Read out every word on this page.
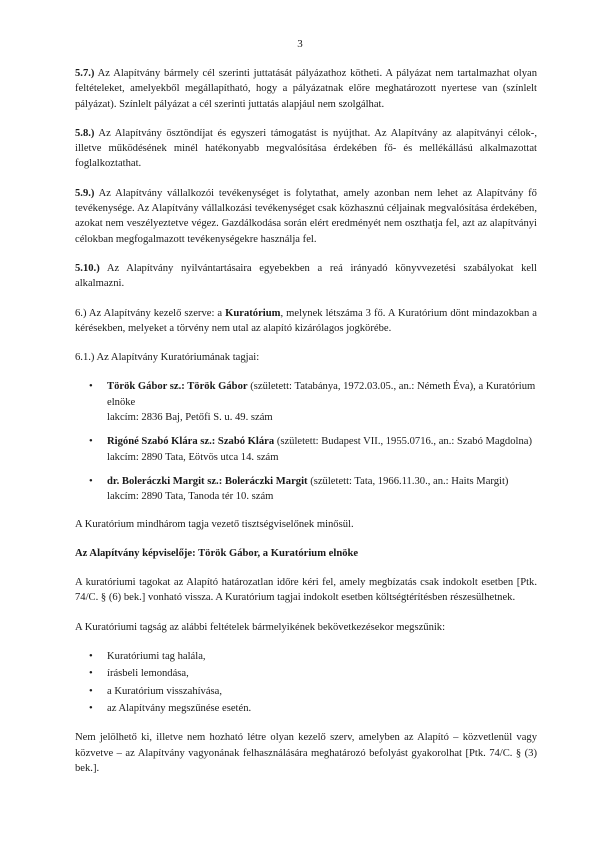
3

5.7.) Az Alapítvány bármely cél szerinti juttatását pályázathoz kötheti. A pályázat nem tartalmazhat olyan feltételeket, amelyekből megállapítható, hogy a pályázatnak előre meghatározott nyertese van (színlelt pályázat). Színlelt pályázat a cél szerinti juttatás alapjául nem szolgálhat.

5.8.) Az Alapítvány ösztöndíjat és egyszeri támogatást is nyújthat. Az Alapítvány az alapítványi célok-, illetve működésének minél hatékonyabb megvalósítása érdekében fő- és mellékállású alkalmazottat foglalkoztathat.

5.9.) Az Alapítvány vállalkozói tevékenységet is folytathat, amely azonban nem lehet az Alapítvány fő tevékenysége. Az Alapítvány vállalkozási tevékenységet csak közhasznú céljainak megvalósítása érdekében, azokat nem veszélyeztetve végez. Gazdálkodása során elért eredményét nem oszthatja fel, azt az alapítványi célokban megfogalmazott tevékenységekre használja fel.

5.10.) Az Alapítvány nyilvántartásaira egyebekben a reá irányadó könyvvezetési szabályokat kell alkalmazni.

6.) Az Alapítvány kezelő szerve: a Kuratórium, melynek létszáma 3 fő. A Kuratórium dönt mindazokban a kérésekben, melyeket a törvény nem utal az alapító kizárólagos jogkörébe.

6.1.) Az Alapítvány Kuratóriumának tagjai:

• Török Gábor sz.: Török Gábor (született: Tatabánya, 1972.03.05., an.: Németh Éva), a Kuratórium elnöke

lakcím: 2836 Baj, Petőfi S. u. 49. szám

• Rigóné Szabó Klára sz.: Szabó Klára (született: Budapest VII., 1955.0716., an.: Szabó Magdolna)

lakcím: 2890 Tata, Eötvös utca 14. szám

• dr. Boleráczki Margit sz.: Boleráczki Margit (született: Tata, 1966.11.30., an.: Haits Margit)

lakcím: 2890 Tata, Tanoda tér 10. szám

A Kuratórium mindhárom tagja vezető tisztségviselőnek minősül.

Az Alapítvány képviselője: Török Gábor, a Kuratórium elnöke

A kuratóriumi tagokat az Alapító határozatlan időre kéri fel, amely megbízatás csak indokolt esetben [Ptk. 74/C. § (6) bek.] vonható vissza. A Kuratórium tagjai indokolt esetben költségtérítésben részesülhetnek.

A Kuratóriumi tagság az alábbi feltételek bármelyikének bekövetkezésekor megszűnik:

• Kuratóriumi tag halála,
• írásbeli lemondása,
• a Kuratórium visszahívása,
• az Alapítvány megszűnése esetén.

Nem jelölhető ki, illetve nem hozható létre olyan kezelő szerv, amelyben az Alapító – közvetlenül vagy közvetve – az Alapítvány vagyonának felhasználására meghatározó befolyást gyakorolhat [Ptk. 74/C. § (3) bek.].
